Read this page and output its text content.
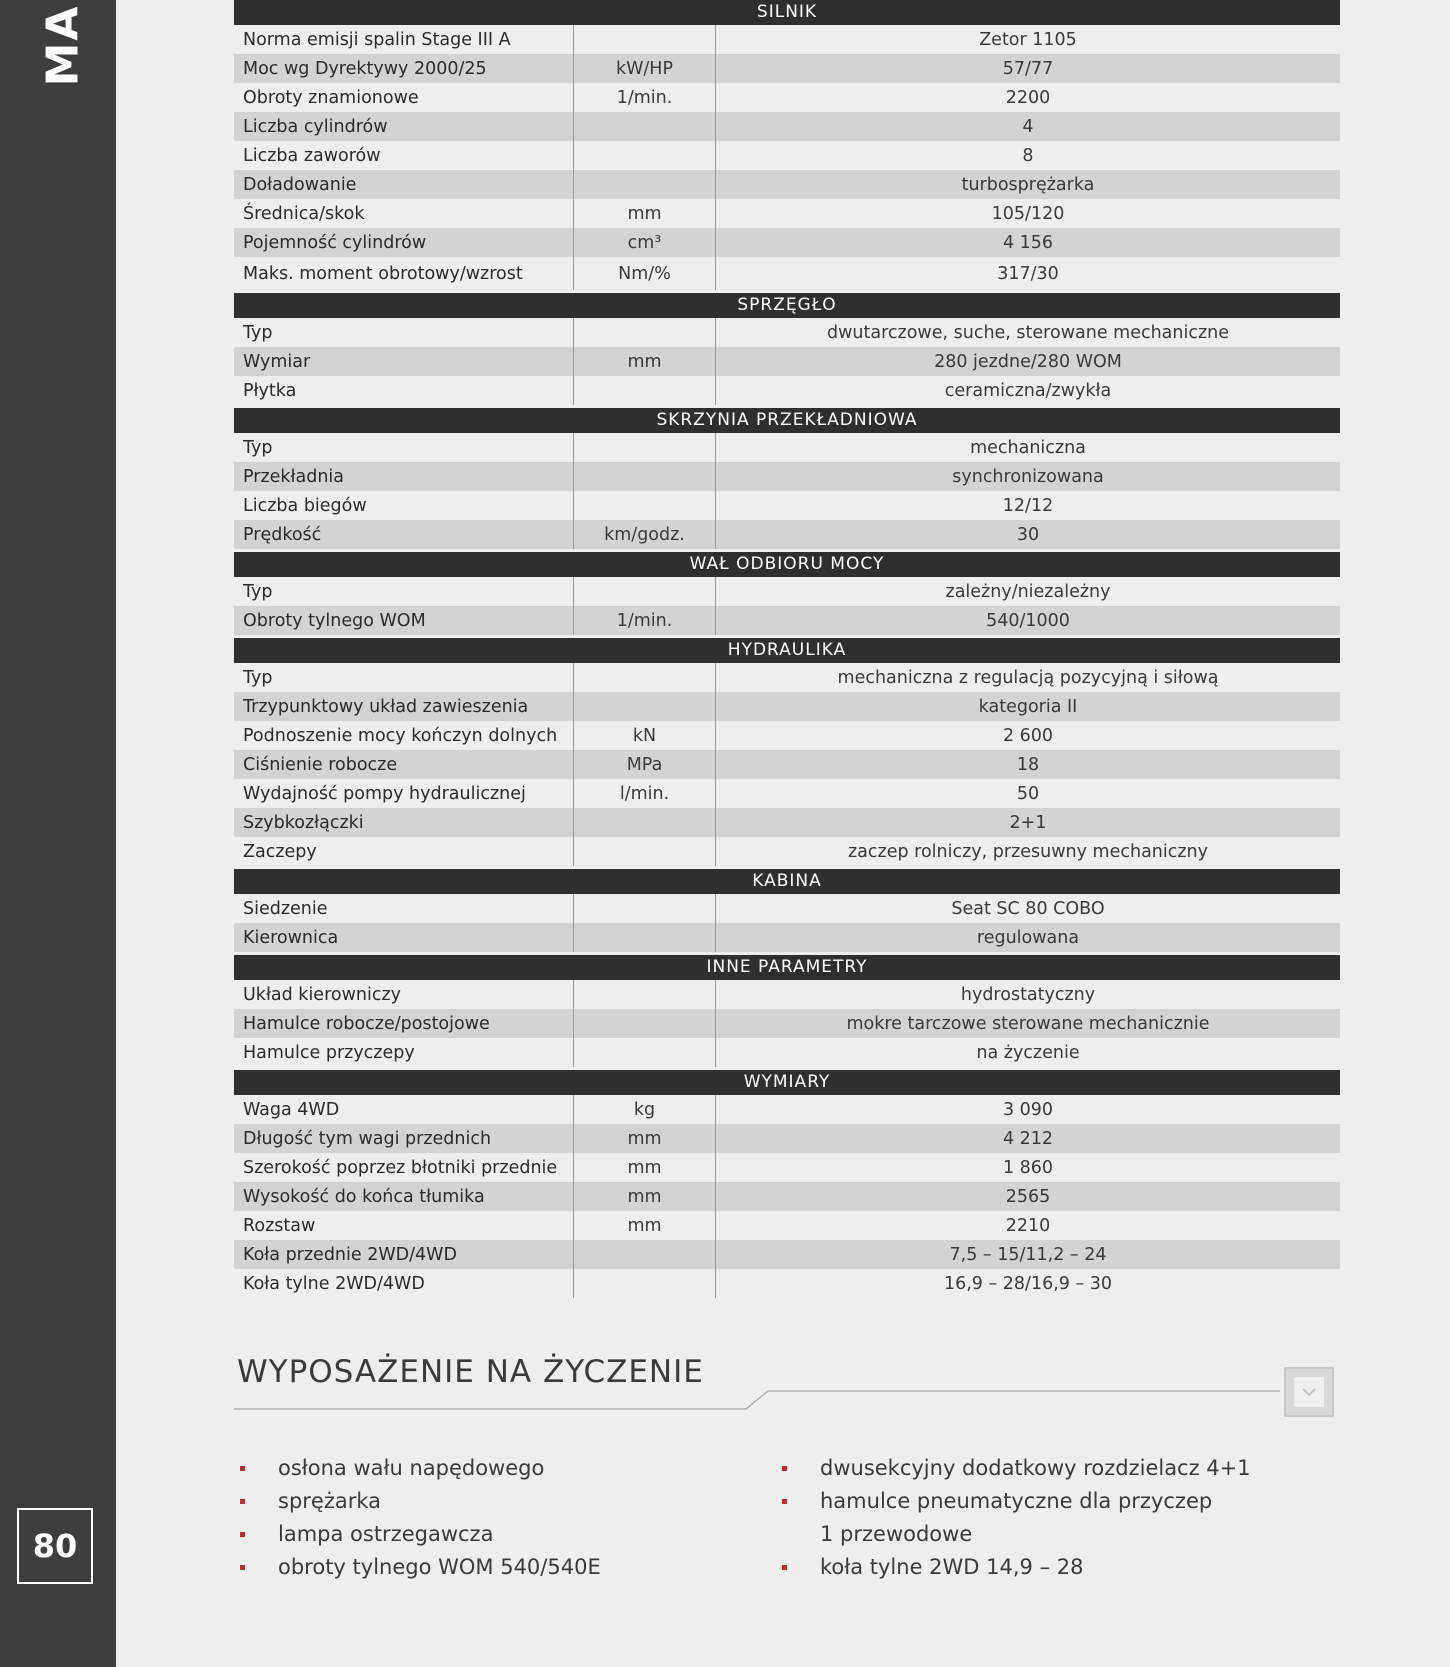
MA
80
SILNIK
Norma emisji spalin Stage III A	Zetor 1105
Moc wg Dyrektywy 2000/25	kW/HP	57/77
Obroty znamionowe	1/min.	2200
Liczba cylindrów	4
Liczba zaworów	8
Doładowanie	turbosprężarka
Średnica/skok	mm	105/120
Pojemność cylindrów	cm³	4 156
Maks. moment obrotowy/wzrost	Nm/%	317/30
SPRZĘGŁO
Typ	dwutarczowe, suche, sterowane mechaniczne
Wymiar	mm	280 jezdne/280 WOM
Płytka	ceramiczna/zwykła
SKRZYNIA PRZEKŁADNIOWA
Typ	mechaniczna
Przekładnia	synchronizowana
Liczba biegów	12/12
Prędkość	km/godz.	30
WAŁ ODBIORU MOCY
Typ	zależny/niezależny
Obroty tylnego WOM	1/min.	540/1000
HYDRAULIKA
Typ	mechaniczna z regulacją pozycyjną i siłową
Trzypunktowy układ zawieszenia	kategoria II
Podnoszenie mocy kończyn dolnych	kN	2 600
Ciśnienie robocze	MPa	18
Wydajność pompy hydraulicznej	l/min.	50
Szybkozłączki	2+1
Zaczepy	zaczep rolniczy, przesuwny mechaniczny
KABINA
Siedzenie	Seat SC 80 COBO
Kierownica	regulowana
INNE PARAMETRY
Układ kierowniczy	hydrostatyczny
Hamulce robocze/postojowe	mokre tarczowe sterowane mechanicznie
Hamulce przyczepy	na życzenie
WYMIARY
Waga 4WD	kg	3 090
Długość tym wagi przednich	mm	4 212
Szerokość poprzez błotniki przednie	mm	1 860
Wysokość do końca tłumika	mm	2565
Rozstaw	mm	2210
Koła przednie 2WD/4WD	7,5 – 15/11,2 – 24
Koła tylne 2WD/4WD	16,9 – 28/16,9 – 30
WYPOSAŻENIE NA ŻYCZENIE
osłona wału napędowego
sprężarka
lampa ostrzegawcza
obroty tylnego WOM 540/540E
dwusekcyjny dodatkowy rozdzielacz 4+1
hamulce pneumatyczne dla przyczep
1 przewodowe
koła tylne 2WD 14,9 – 28
